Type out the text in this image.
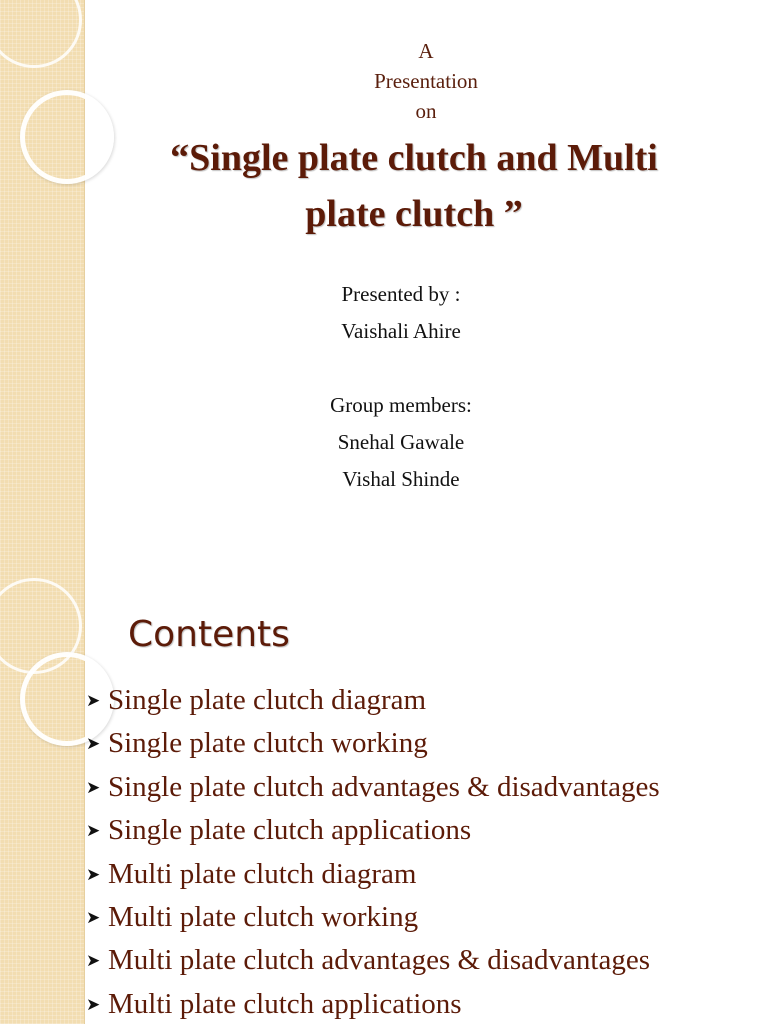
A
Presentation
on
“Single plate clutch and Multi
plate clutch ”
Presented by :
Vaishali Ahire
Group members:
Snehal Gawale
Vishal Shinde
Contents
➤ Single plate clutch diagram
➤ Single plate clutch working
➤ Single plate clutch advantages & disadvantages
➤ Single plate clutch applications
➤ Multi plate clutch diagram
➤ Multi plate clutch working
➤ Multi plate clutch advantages & disadvantages
➤ Multi plate clutch applications
